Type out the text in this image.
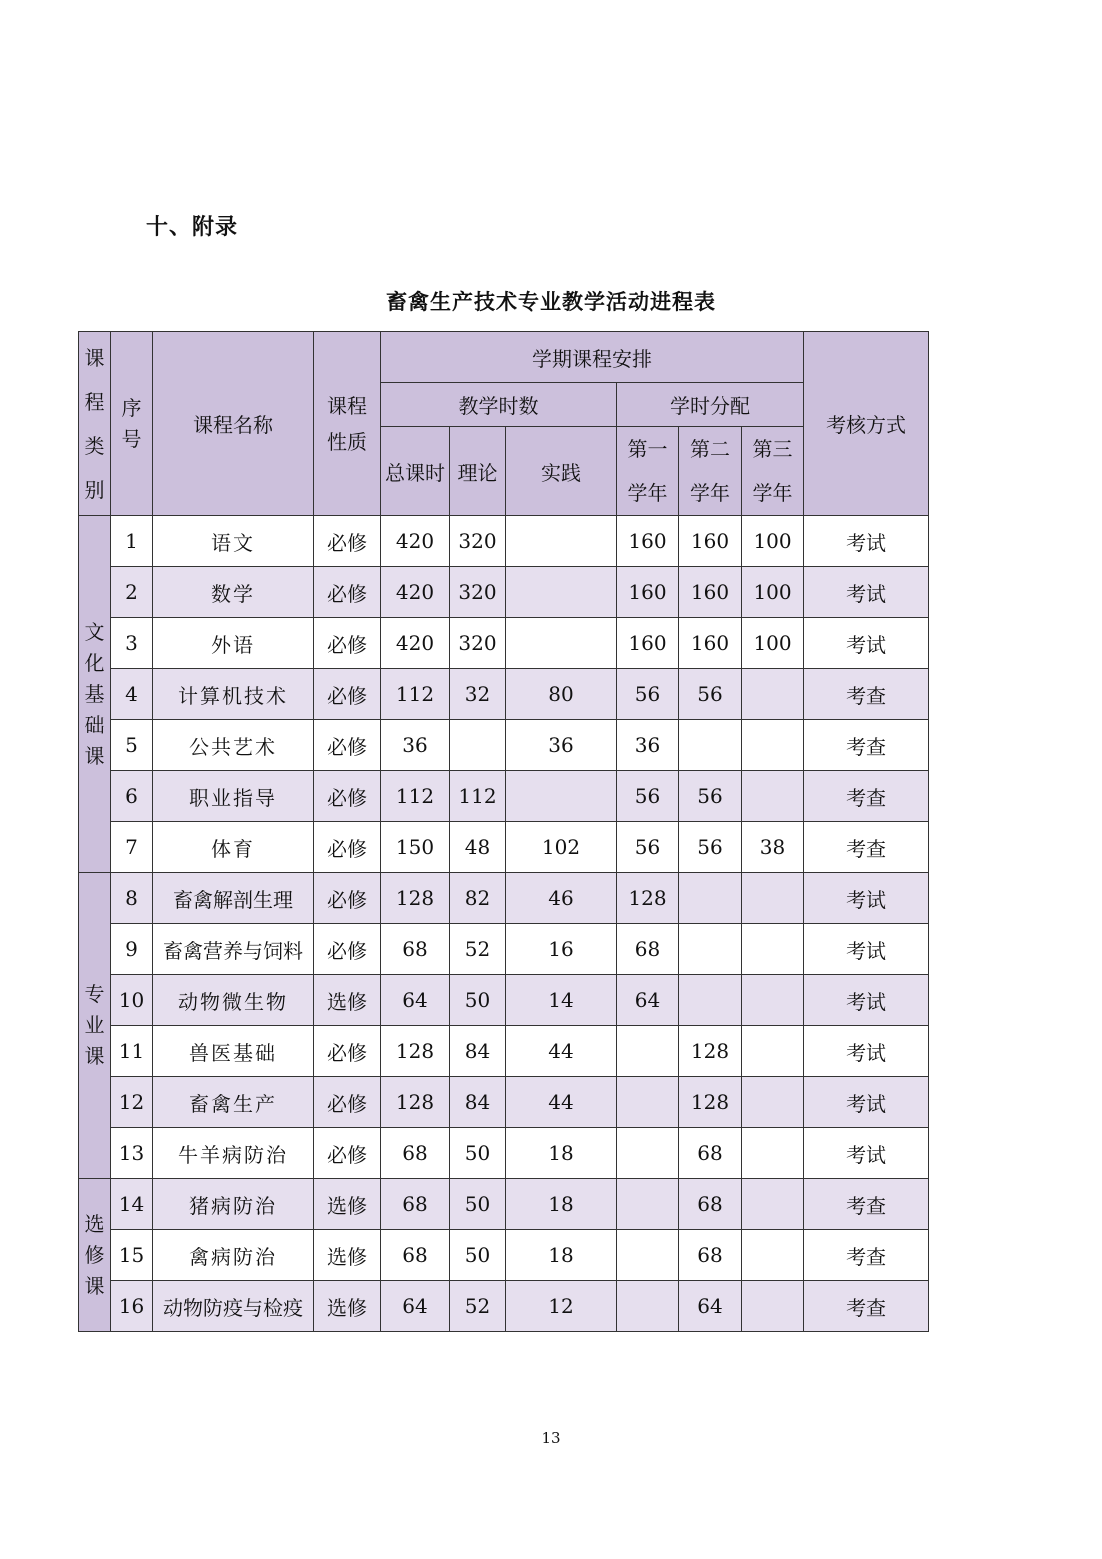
十、附录
畜禽生产技术专业教学活动进程表
课程类别	序号	课程名称	课程性质	学期课程安排						考核方式
				教学时数			学时分配			
				总课时	理论	实践	第一学年	第二学年	第三学年	

文化基础课	1	语文	必修	420	320		160	160	100	考试
	2	数学	必修	420	320		160	160	100	考试
	3	外语	必修	420	320		160	160	100	考试
	4	计算机技术	必修	112	32	80	56	56		考查
	5	公共艺术	必修	36		36	36			考查
	6	职业指导	必修	112	112		56	56		考查
	7	体育	必修	150	48	102	56	56	38	考查

专业课	8	畜禽解剖生理	必修	128	82	46	128			考试
	9	畜禽营养与饲料	必修	68	52	16	68			考试
	10	动物微生物	选修	64	50	14	64			考试
	11	兽医基础	必修	128	84	44		128		考试
	12	畜禽生产	必修	128	84	44		128		考试
	13	牛羊病防治	必修	68	50	18		68		考试

选修课	14	猪病防治	选修	68	50	18		68		考查
	15	禽病防治	选修	68	50	18		68		考查
	16	动物防疫与检疫	选修	64	52	12		64		考查
13
